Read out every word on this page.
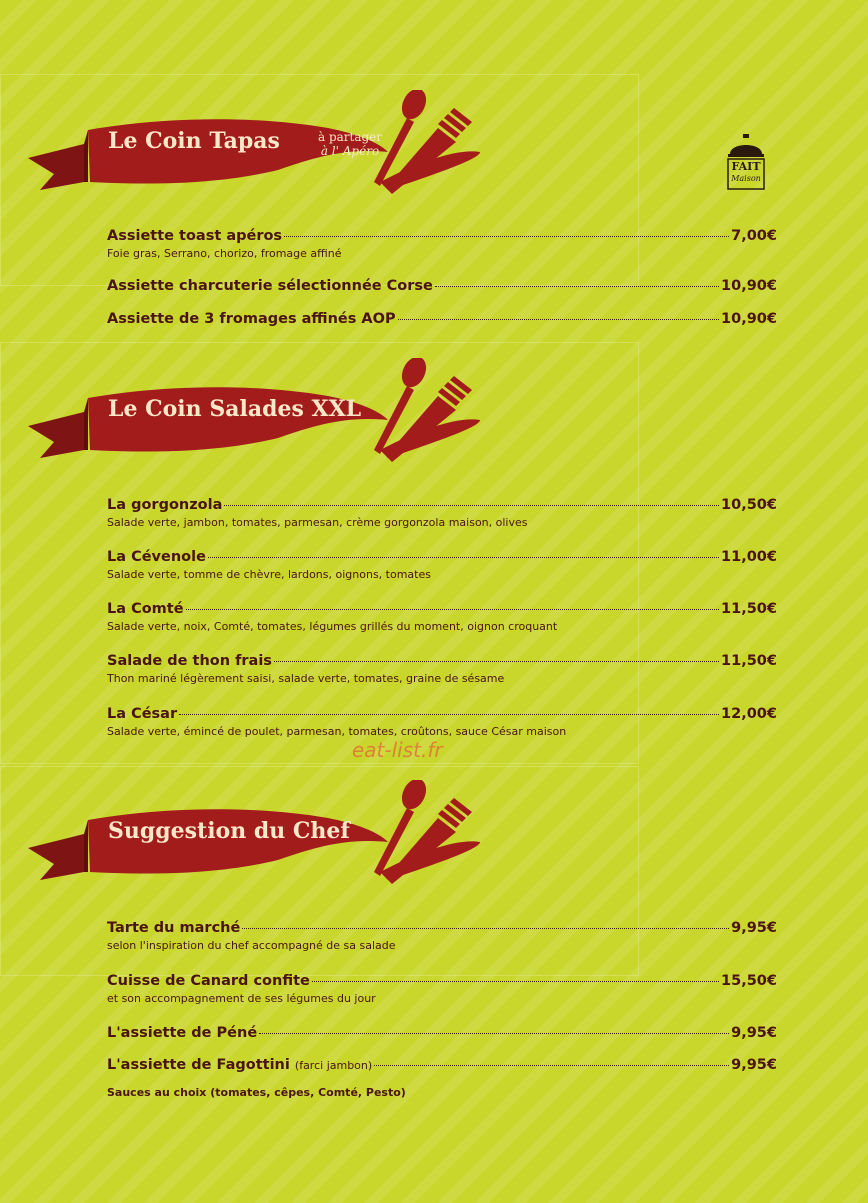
Le Coin Tapas	à partager
à l' Apéro
FAIT
Maison
Assiette toast apéros	7,00€
Foie gras, Serrano, chorizo, fromage affiné
Assiette charcuterie sélectionnée Corse	10,90€
Assiette de 3 fromages affinés AOP	10,90€
Le Coin Salades XXL
La gorgonzola	10,50€
Salade verte, jambon, tomates, parmesan, crème gorgonzola maison, olives
La Cévenole	11,00€
Salade verte, tomme de chèvre, lardons, oignons, tomates
La Comté	11,50€
Salade verte, noix, Comté, tomates, légumes grillés du moment, oignon croquant
Salade de thon frais	11,50€
Thon mariné légèrement saisi, salade verte, tomates, graine de sésame
La César	12,00€
Salade verte, émincé de poulet, parmesan, tomates, croûtons, sauce César maison
eat-list.fr
Suggestion du Chef
Tarte du marché	9,95€
selon l'inspiration du chef accompagné de sa salade
Cuisse de Canard confite	15,50€
et son accompagnement de ses légumes du jour
L'assiette de Péné	9,95€
L'assiette de Fagottini (farci jambon)	9,95€
Sauces au choix (tomates, cêpes, Comté, Pesto)
